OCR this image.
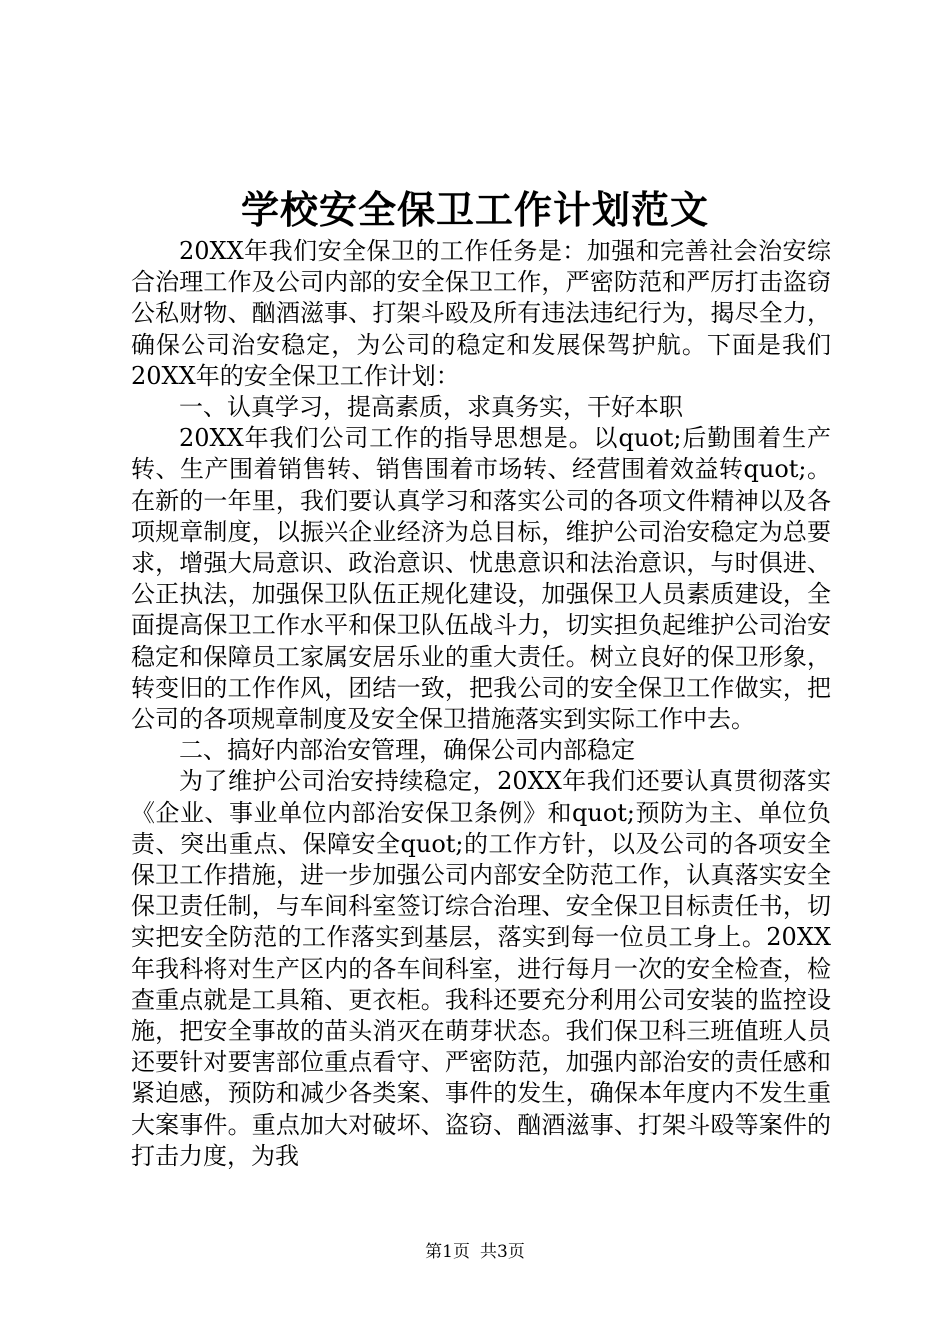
学校安全保卫工作计划范文

20XX年我们安全保卫的工作任务是：加强和完善社会治安综合治理工作及公司内部的安全保卫工作，严密防范和严厉打击盗窃公私财物、酗酒滋事、打架斗殴及所有违法违纪行为，揭尽全力，确保公司治安稳定，为公司的稳定和发展保驾护航。下面是我们20XX年的安全保卫工作计划：

一、认真学习，提高素质，求真务实，干好本职

20XX年我们公司工作的指导思想是。以quot;后勤围着生产转、生产围着销售转、销售围着市场转、经营围着效益转quot;。在新的一年里，我们要认真学习和落实公司的各项文件精神以及各项规章制度，以振兴企业经济为总目标，维护公司治安稳定为总要求，增强大局意识、政治意识、忧患意识和法治意识，与时俱进、公正执法，加强保卫队伍正规化建设，加强保卫人员素质建设，全面提高保卫工作水平和保卫队伍战斗力，切实担负起维护公司治安稳定和保障员工家属安居乐业的重大责任。树立良好的保卫形象，转变旧的工作作风，团结一致，把我公司的安全保卫工作做实，把公司的各项规章制度及安全保卫措施落实到实际工作中去。

二、搞好内部治安管理，确保公司内部稳定

为了维护公司治安持续稳定，20XX年我们还要认真贯彻落实《企业、事业单位内部治安保卫条例》和quot;预防为主、单位负责、突出重点、保障安全quot;的工作方针，以及公司的各项安全保卫工作措施，进一步加强公司内部安全防范工作，认真落实安全保卫责任制，与车间科室签订综合治理、安全保卫目标责任书，切实把安全防范的工作落实到基层，落实到每一位员工身上。20XX年我科将对生产区内的各车间科室，进行每月一次的安全检查，检查重点就是工具箱、更衣柜。我科还要充分利用公司安装的监控设施，把安全事故的苗头消灭在萌芽状态。我们保卫科三班值班人员还要针对要害部位重点看守、严密防范，加强内部治安的责任感和紧迫感，预防和减少各类案、事件的发生，确保本年度内不发生重大案事件。重点加大对破坏、盗窃、酗酒滋事、打架斗殴等案件的打击力度，为我

第1页 共3页
